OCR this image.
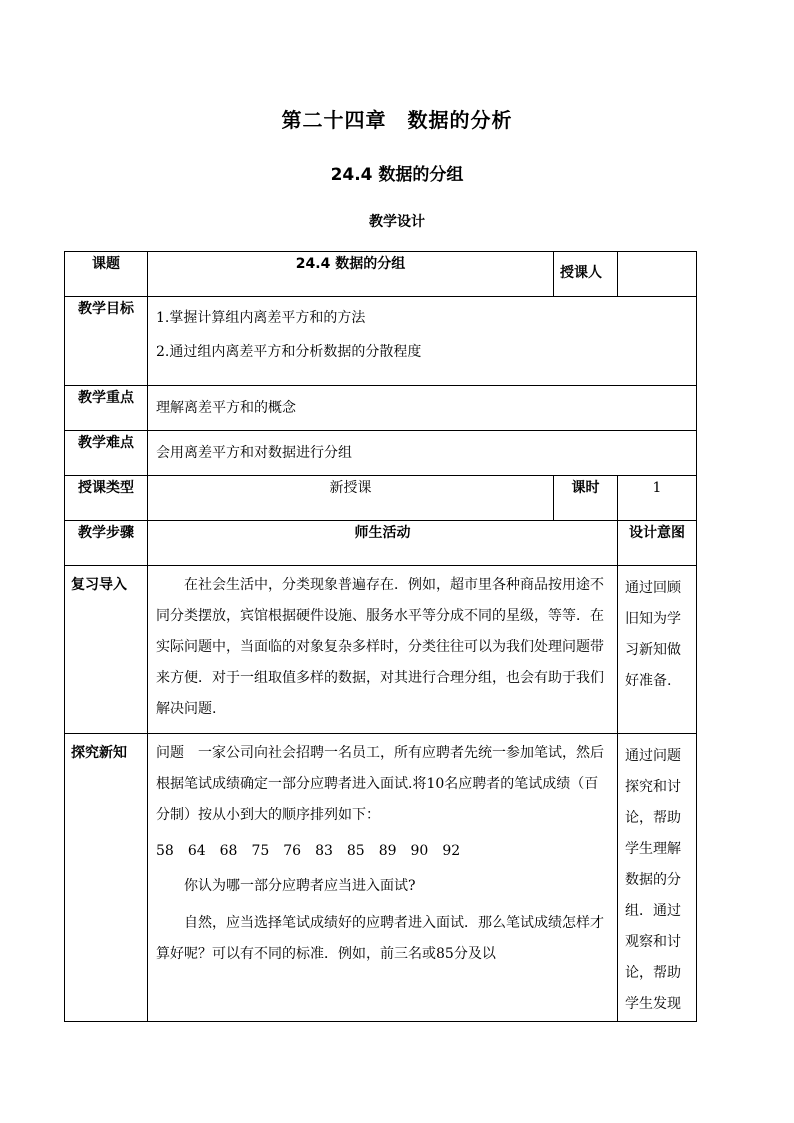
第二十四章　数据的分析
24.4 数据的分组
教学设计
课题	24.4 数据的分组	授课人	
教学目标	1.掌握计算组内离差平方和的方法
2.通过组内离差平方和分析数据的分散程度		

教学重点	理解离差平方和的概念		
教学难点	会用离差平方和对数据进行分组		
授课类型	新授课	课时	1
教学步骤	师生活动		设计意图
复习导入	在社会生活中，分类现象普遍存在．例如，超市里各种商品按用途不同分类摆放，宾馆根据硬件设施、服务水平等分成不同的星级，等等．在实际问题中，当面临的对象复杂多样时，分类往往可以为我们处理问题带来方便．对于一组取值多样的数据，对其进行合理分组，也会有助于我们解决问题.		通过回顾旧知为学习新知做好准备.

探究新知	问题　一家公司向社会招聘一名员工，所有应聘者先统一参加笔试，然后根据笔试成绩确定一部分应聘者进入面试.将10名应聘者的笔试成绩（百分制）按从小到大的顺序排列如下：

58　64　68　75　76　83　85　89　90　92

你认为哪一部分应聘者应当进入面试?

自然，应当选择笔试成绩好的应聘者进入面试．那么笔试成绩怎样才算好呢？可以有不同的标准．例如，前三名或85分及以		通过问题探究和讨论，帮助学生理解数据的分组．通过观察和讨论，帮助学生发现
